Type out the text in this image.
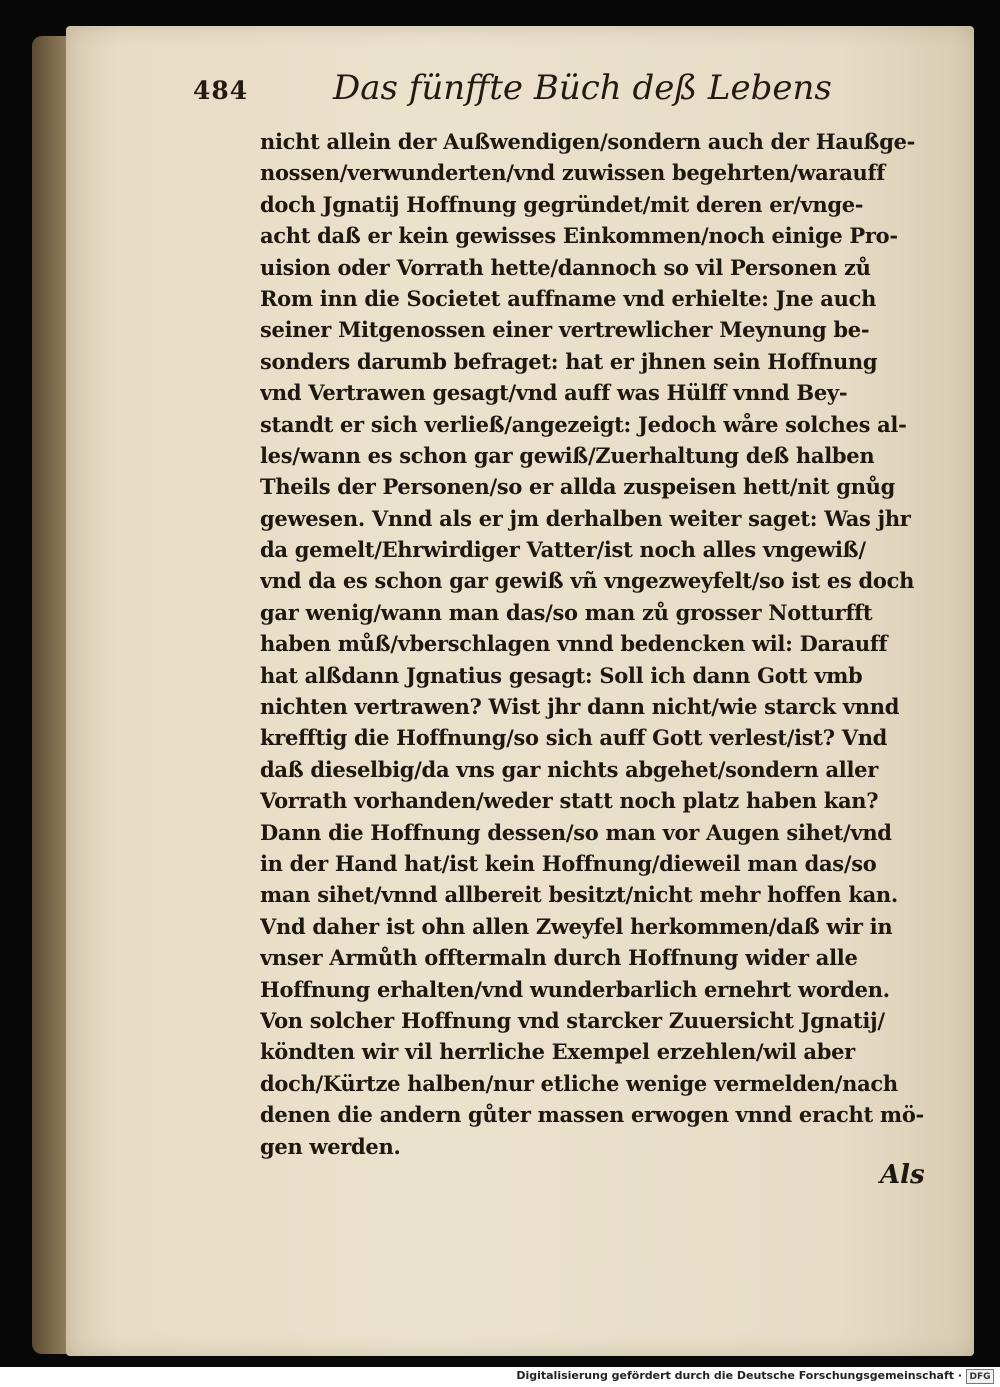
484 Das fünffte Büch deß Lebens
nicht allein der Außwendigen/sondern auch der Haußge-
nossen/verwunderten/vnd zuwissen begehrten/warauff
doch Jgnatij Hoffnung gegründet/mit deren er/vnge-
acht daß er kein gewisses Einkommen/noch einige Pro-
uision oder Vorrath hette/dannoch so vil Personen zů
Rom inn die Societet auffname vnd erhielte: Jne auch
seiner Mitgenossen einer vertrewlicher Meynung be-
sonders darumb befraget: hat er jhnen sein Hoffnung
vnd Vertrawen gesagt/vnd auff was Hülff vnnd Bey-
standt er sich verließ/angezeigt: Jedoch wåre solches al-
les/wann es schon gar gewiß/Zuerhaltung deß halben
Theils der Personen/so er allda zuspeisen hett/nit gnůg
gewesen. Vnnd als er jm derhalben weiter saget: Was jhr
da gemelt/Ehrwirdiger Vatter/ist noch alles vngewiß/
vnd da es schon gar gewiß vñ vngezweyfelt/so ist es doch
gar wenig/wann man das/so man zů grosser Notturfft
haben můß/vberschlagen vnnd bedencken wil: Darauff
hat alßdann Jgnatius gesagt: Soll ich dann Gott vmb
nichten vertrawen? Wist jhr dann nicht/wie starck vnnd
krefftig die Hoffnung/so sich auff Gott verlest/ist? Vnd
daß dieselbig/da vns gar nichts abgehet/sondern aller
Vorrath vorhanden/weder statt noch platz haben kan?
Dann die Hoffnung dessen/so man vor Augen sihet/vnd
in der Hand hat/ist kein Hoffnung/dieweil man das/so
man sihet/vnnd allbereit besitzt/nicht mehr hoffen kan.
Vnd daher ist ohn allen Zweyfel herkommen/daß wir in
vnser Armůth offtermaln durch Hoffnung wider alle
Hoffnung erhalten/vnd wunderbarlich ernehrt worden.
Von solcher Hoffnung vnd starcker Zuuersicht Jgnatij/
köndten wir vil herrliche Exempel erzehlen/wil aber
doch/Kürtze halben/nur etliche wenige vermelden/nach
denen die andern gůter massen erwogen vnnd eracht mö-
gen werden.
Als
Digitalisierung gefördert durch die Deutsche Forschungsgemeinschaft · DFG
